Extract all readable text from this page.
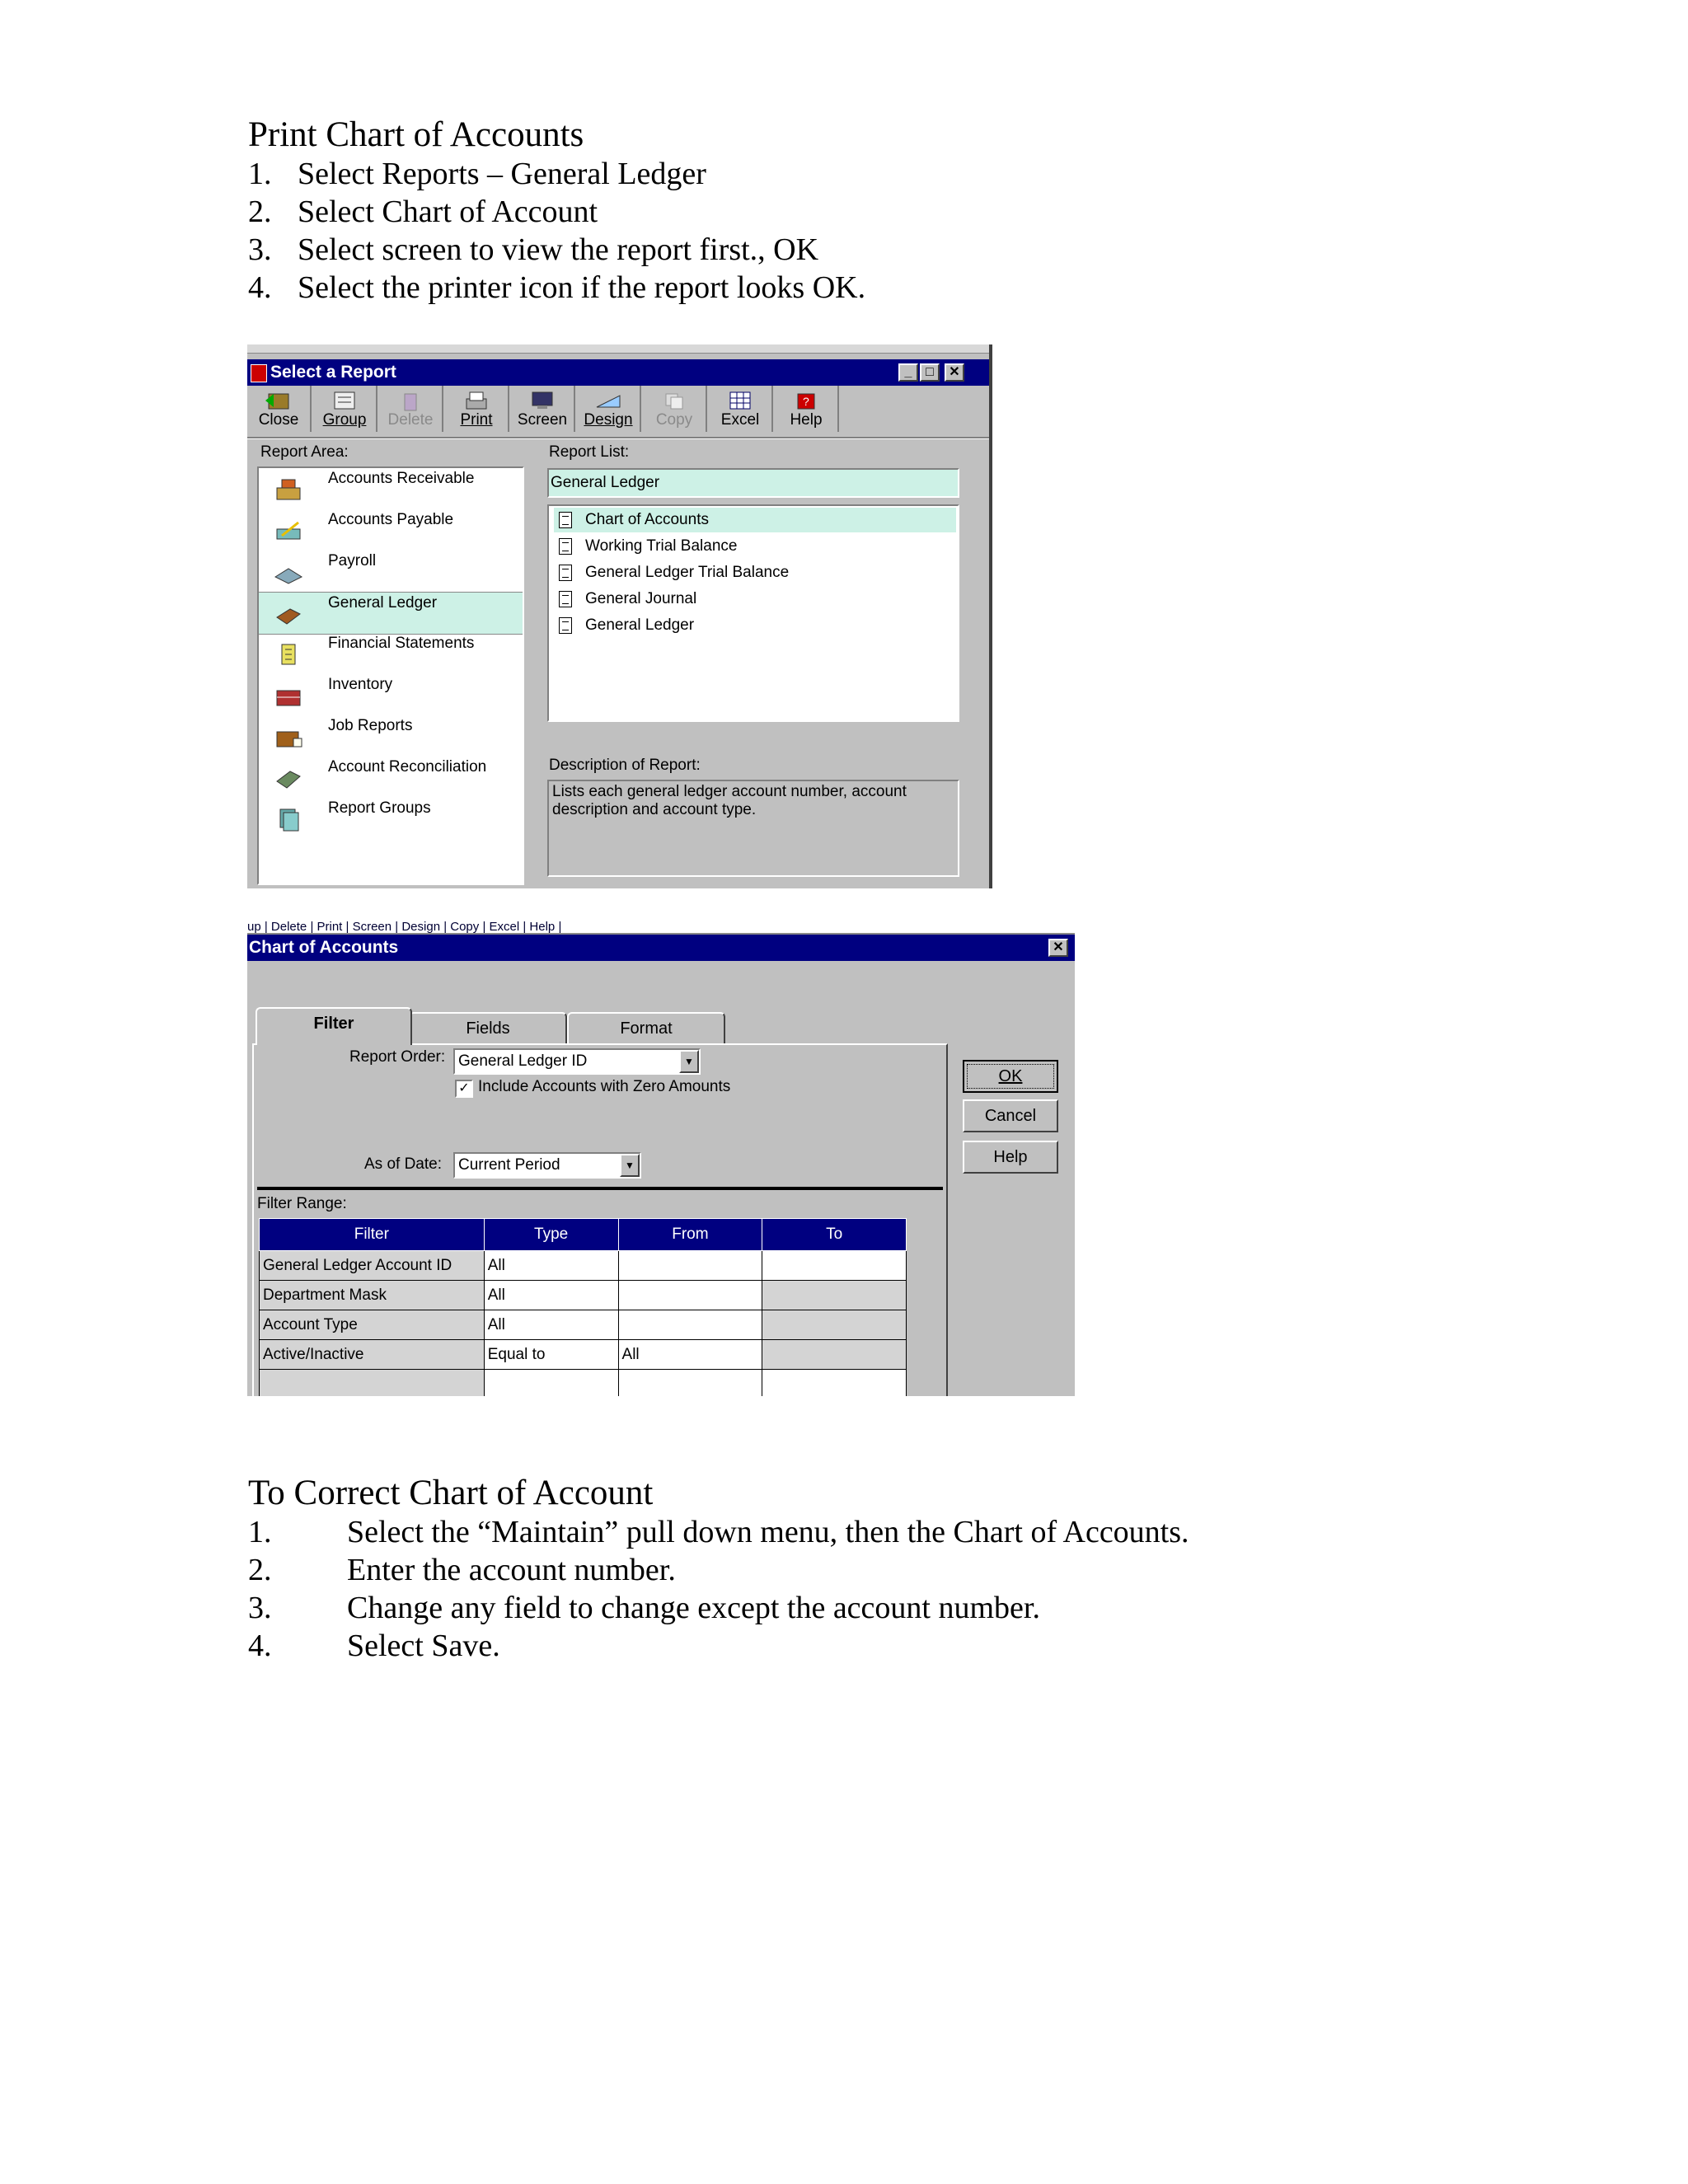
Print Chart of Accounts
1. Select Reports – General Ledger
2. Select Chart of Account
3. Select screen to view the report first., OK
4. Select the printer icon if the report looks OK.
Select a Report	_	□	✕
Close	Group	Delete	Print	Screen	Design	Copy	Excel
?
Help
Report Area:
Accounts Receivable
Accounts Payable
Payroll
General Ledger
Financial Statements
Inventory
Job Reports
Account Reconciliation
Report Groups
Report List:
General Ledger
Chart of Accounts
Working Trial Balance
General Ledger Trial Balance
General Journal
General Ledger
Description of Report:
Lists each general ledger account number, account description and account type.
up | Delete | Print | Screen | Design | Copy | Excel | Help |
Chart of Accounts	✕
Filter	Fields	Format
Report Order: General Ledger ID	▼
✓ Include Accounts with Zero Amounts
As of Date:	Current Period	▼
Filter Range:
Filter	Type	From	To
General Ledger Account ID	All		
Department Mask	All		
Account Type	All		
Active/Inactive	Equal to	All	

OK
Cancel
Help
To Correct Chart of Account
1. Select the “Maintain” pull down menu, then the Chart of Accounts.
2. Enter the account number.
3. Change any field to change except the account number.
4. Select Save.
